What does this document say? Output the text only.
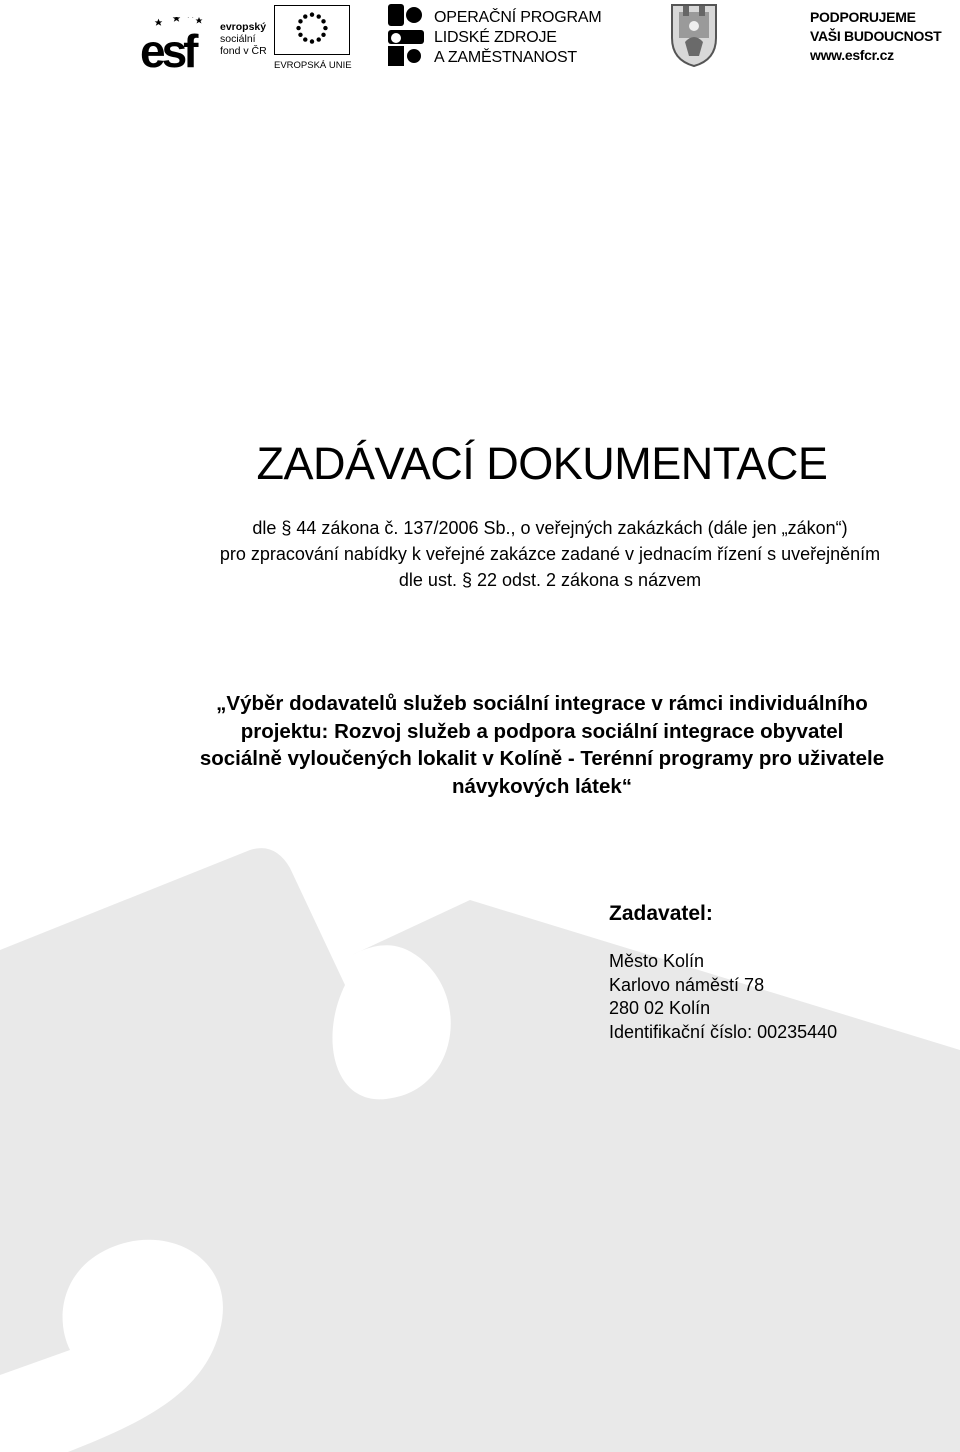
esf	evropský
sociální
fond v ČR
EVROPSKÁ UNIE
OPERAČNÍ PROGRAM
LIDSKÉ ZDROJE
A ZAMĚSTNANOST
PODPORUJEME
VAŠI BUDOUCNOST
www.esfcr.cz
ZADÁVACÍ DOKUMENTACE
dle § 44 zákona č. 137/2006 Sb., o veřejných zakázkách (dále jen „zákon“)
pro zpracování nabídky k veřejné zakázce zadané v jednacím řízení s uveřejněním
dle ust. § 22 odst. 2 zákona s názvem
„Výběr dodavatelů služeb sociální integrace v rámci individuálního
projektu: Rozvoj služeb a podpora sociální integrace obyvatel
sociálně vyloučených lokalit v Kolíně - Terénní programy pro uživatele
návykových látek“
Zadavatel:
Město Kolín
Karlovo náměstí 78
280 02 Kolín
Identifikační číslo: 00235440
